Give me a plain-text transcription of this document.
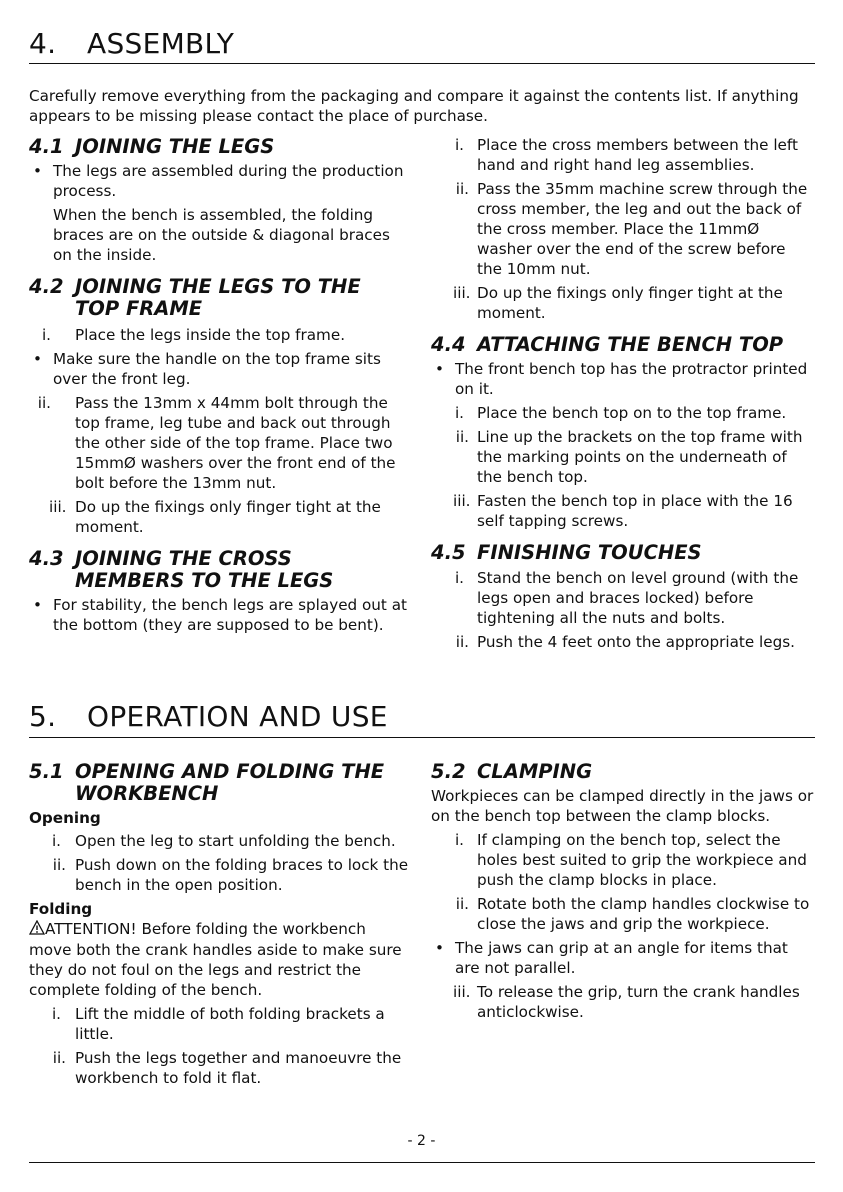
4. ASSEMBLY
Carefully remove everything from the packaging and compare it against the contents list. If anything appears to be missing please contact the place of purchase.
4.1 JOINING THE LEGS
• The legs are assembled during the production process.
When the bench is assembled, the folding braces are on the outside & diagonal braces on the inside.
4.2 JOINING THE LEGS TO THE TOP FRAME
i. Place the legs inside the top frame.
• Make sure the handle on the top frame sits over the front leg.
ii. Pass the 13mm x 44mm bolt through the top frame, leg tube and back out through the other side of the top frame. Place two 15mmØ washers over the front end of the bolt before the 13mm nut.
iii. Do up the fixings only finger tight at the moment.
4.3 JOINING THE CROSS MEMBERS TO THE LEGS
• For stability, the bench legs are splayed out at the bottom (they are supposed to be bent).
i. Place the cross members between the left hand and right hand leg assemblies.
ii. Pass the 35mm machine screw through the cross member, the leg and out the back of the cross member. Place the 11mmØ washer over the end of the screw before the 10mm nut.
iii. Do up the fixings only finger tight at the moment.
4.4 ATTACHING THE BENCH TOP
• The front bench top has the protractor printed on it.
i. Place the bench top on to the top frame.
ii. Line up the brackets on the top frame with the marking points on the underneath of the bench top.
iii. Fasten the bench top in place with the 16 self tapping screws.
4.5 FINISHING TOUCHES
i. Stand the bench on level ground (with the legs open and braces locked) before tightening all the nuts and bolts.
ii. Push the 4 feet onto the appropriate legs.
5. OPERATION AND USE
5.1 OPENING AND FOLDING THE WORKBENCH
Opening
i. Open the leg to start unfolding the bench.
ii. Push down on the folding braces to lock the bench in the open position.
Folding
ATTENTION! Before folding the workbench move both the crank handles aside to make sure they do not foul on the legs and restrict the complete folding of the bench.
i. Lift the middle of both folding brackets a little.
ii. Push the legs together and manoeuvre the workbench to fold it flat.
5.2 CLAMPING
Workpieces can be clamped directly in the jaws or on the bench top between the clamp blocks.
i. If clamping on the bench top, select the holes best suited to grip the workpiece and push the clamp blocks in place.
ii. Rotate both the clamp handles clockwise to close the jaws and grip the workpiece.
• The jaws can grip at an angle for items that are not parallel.
iii. To release the grip, turn the crank handles anticlockwise.
- 2 -
